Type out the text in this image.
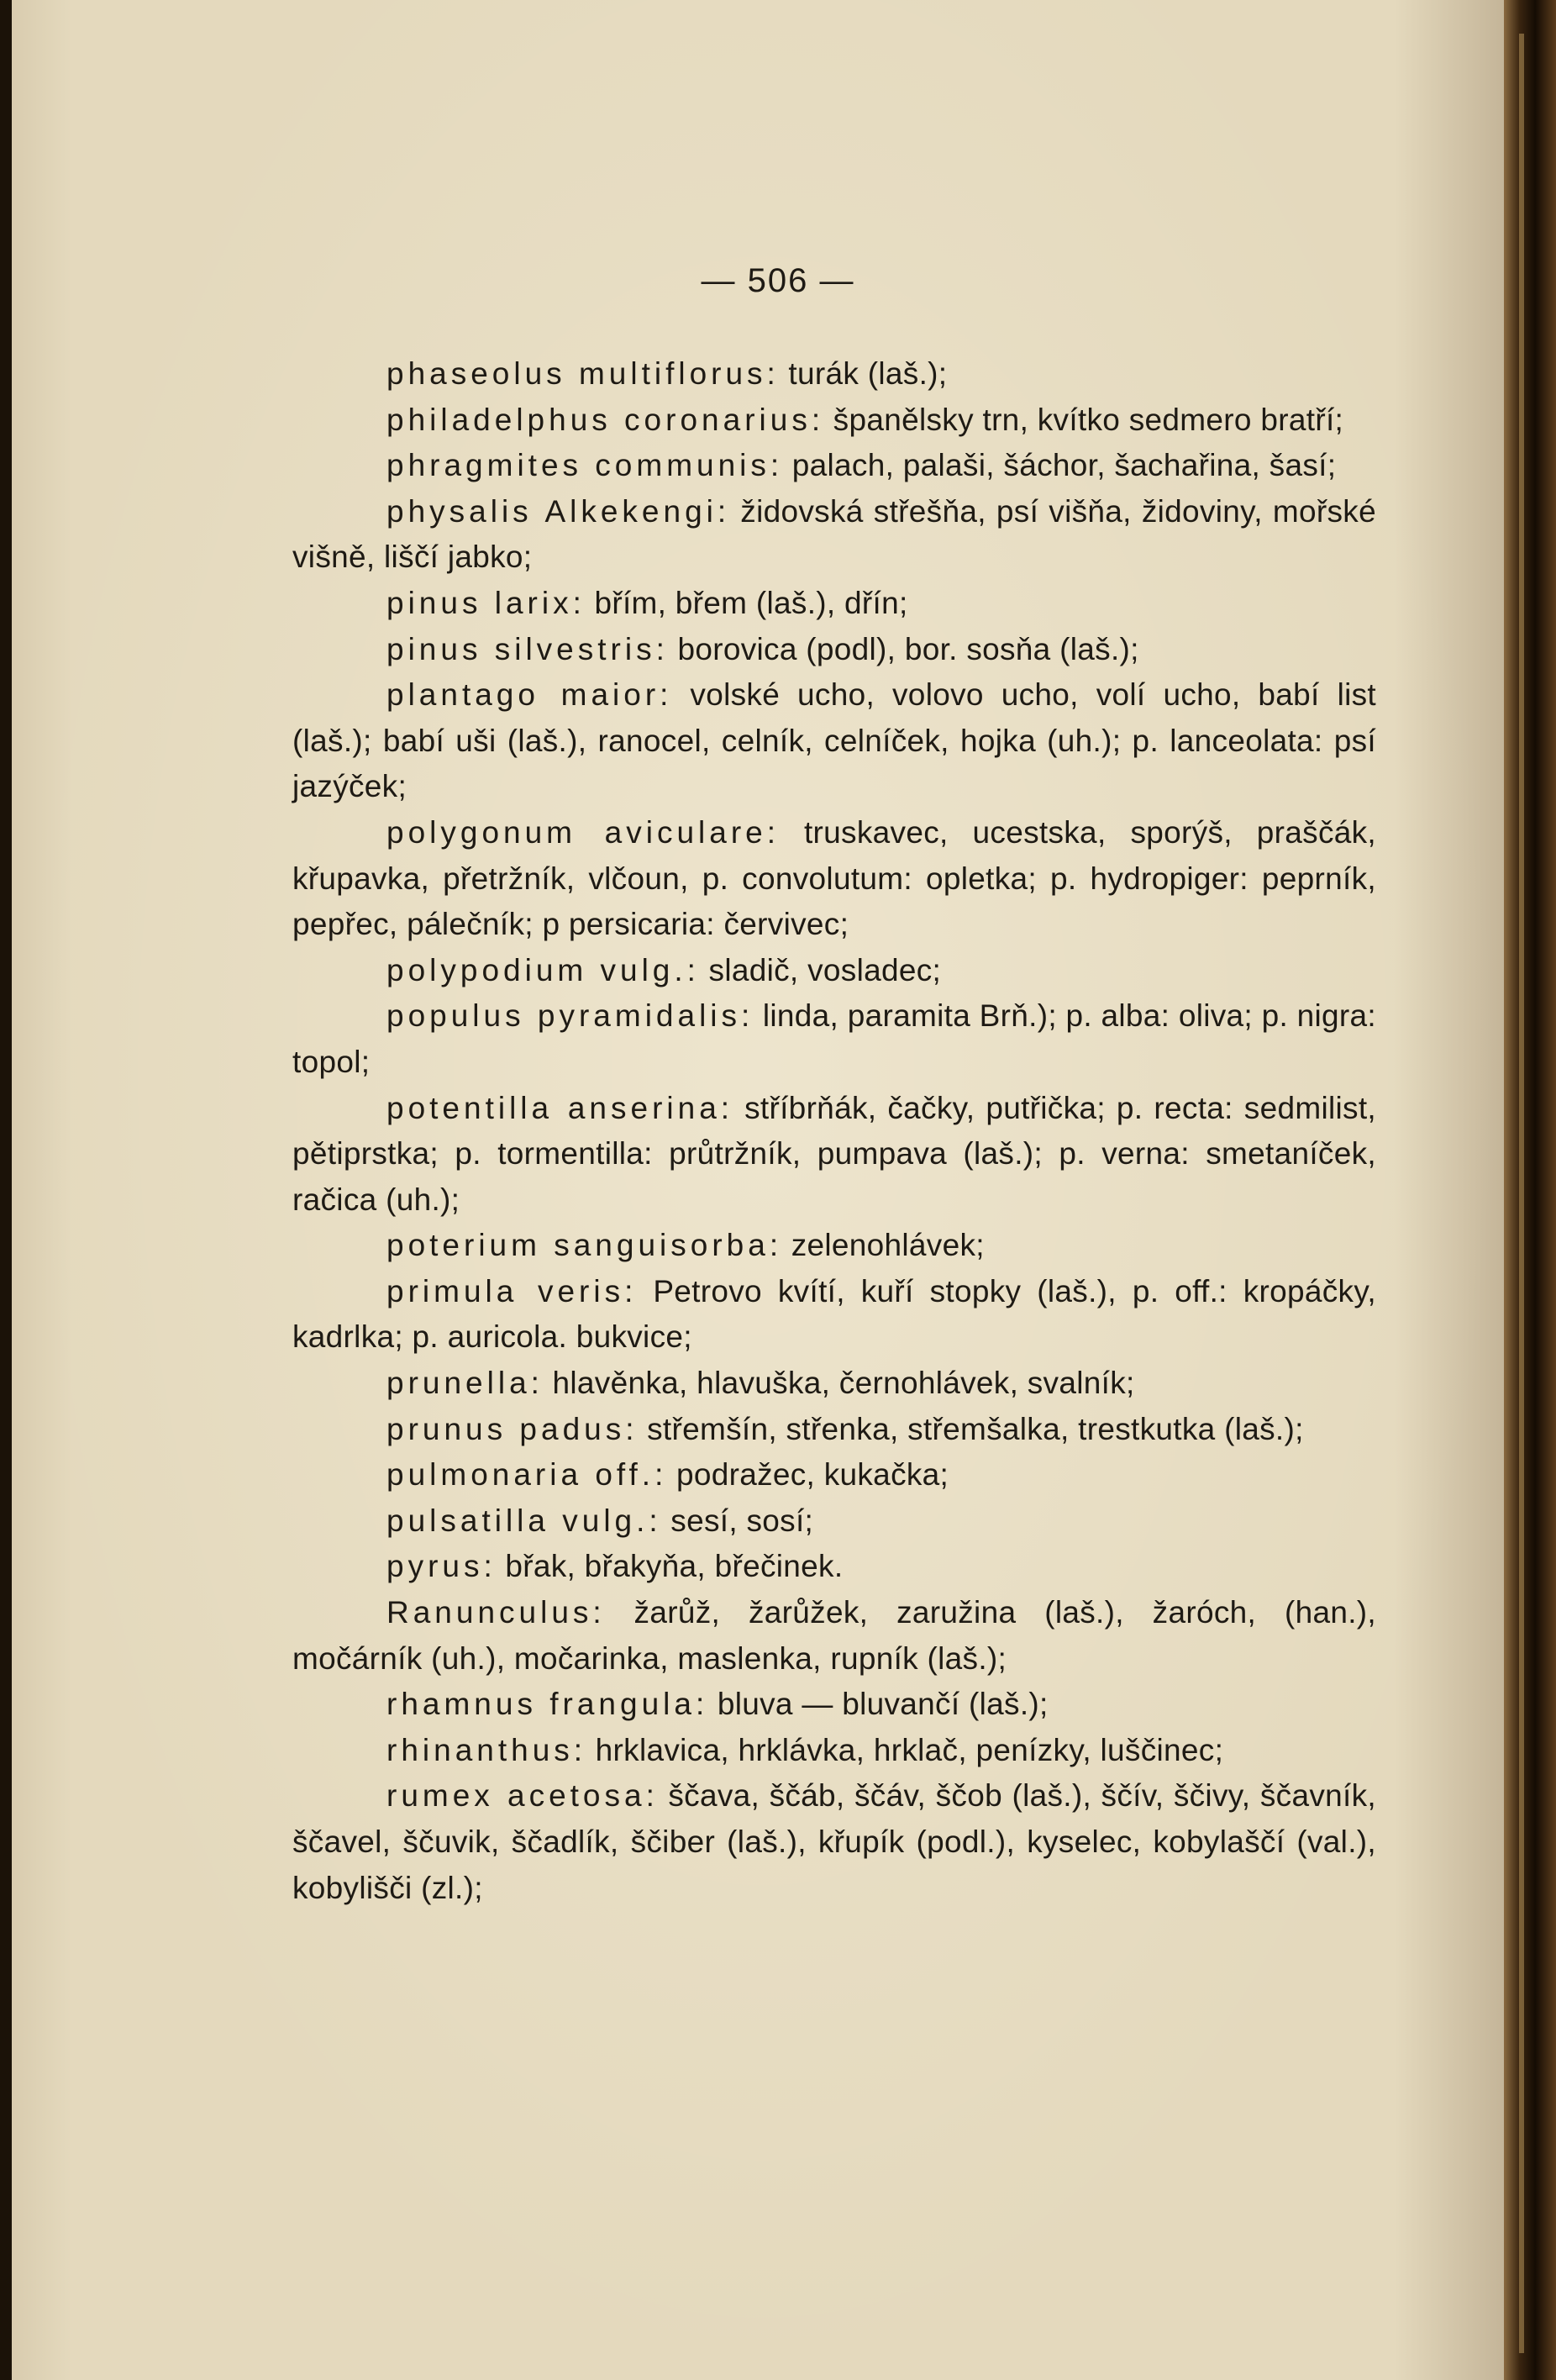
— 506 —

phaseolus multiflorus: turák (laš.);

philadelphus coronarius: španělsky trn, kvítko sedmero bratří;

phragmites communis: palach, palaši, šáchor, šachařina, šasí;

physalis Alkekengi: židovská střešňa, psí višňa, židoviny, mořské višně, liščí jabko;

pinus larix: břím, břem (laš.), dřín;

pinus silvestris: borovica (podl), bor. sosňa (laš.);

plantago maior: volské ucho, volovo ucho, volí ucho, babí list (laš.); babí uši (laš.), ranocel, celník, celníček, hojka (uh.); p. lanceolata: psí jazýček;

polygonum aviculare: truskavec, ucestska, sporýš, praščák, křupavka, přetržník, vlčoun, p. convolutum: opletka; p. hydropiger: peprník, pepřec, pálečník; p persicaria: červivec;

polypodium vulg.: sladič, vosladec;

populus pyramidalis: linda, paramita Brň.); p. alba: oliva; p. nigra: topol;

potentilla anserina: stříbrňák, čačky, putřička; p. recta: sedmilist, pětiprstka; p. tormentilla: průtržník, pumpava (laš.); p. verna: smetaníček, račica (uh.);

poterium sanguisorba: zelenohlávek;

primula veris: Petrovo kvítí, kuří stopky (laš.), p. off.: kropáčky, kadrlka; p. auricola. bukvice;

prunella: hlavěnka, hlavuška, černohlávek, svalník;

prunus padus: střemšín, střenka, střemšalka, trestkutka (laš.);

pulmonaria off.: podražec, kukačka;

pulsatilla vulg.: sesí, sosí;

pyrus: břak, břakyňa, břečinek.

Ranunculus: žarůž, žarůžek, zaružina (laš.), žaróch, (han.), močárník (uh.), močarinka, maslenka, rupník (laš.);

rhamnus frangula: bluva — bluvančí (laš.);

rhinanthus: hrklavica, hrklávka, hrklač, penízky, luščinec;

rumex acetosa: ščava, ščáb, ščáv, ščob (laš.), ščív, ščivy, ščavník, ščavel, ščuvik, ščadlík, ščiber (laš.), křupík (podl.), kyselec, kobylaščí (val.), kobylišči (zl.);
